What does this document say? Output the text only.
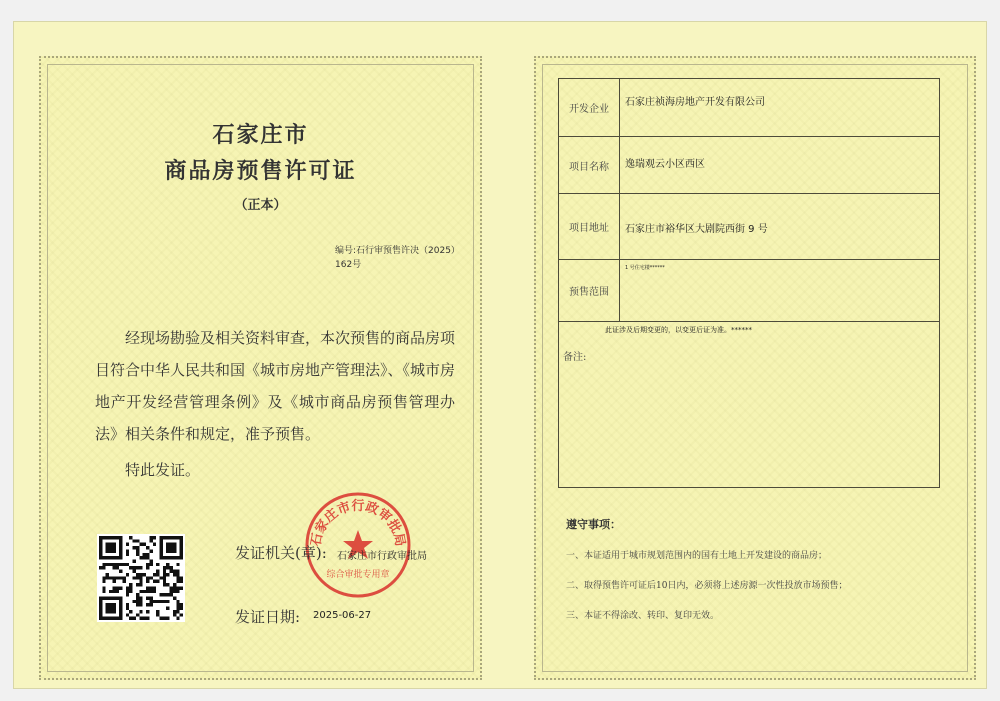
石家庄市
商品房预售许可证
（正本）
编号:石行审预售许决（2025）162号

经现场勘验及相关资料审查，本次预售的商品房项目符合中华人民共和国《城市房地产管理法》、《城市房地产开发经营管理条例》及《城市商品房预售管理办法》相关条件和规定，准予预售。

特此发证。

石家庄市行政审批局
综合审批专用章
发证机关(章): 石家庄市行政审批局
发证日期: 2025-06-27
开发企业
石家庄祯海房地产开发有限公司
项目名称	逸瑞观云小区西区
项目地址	石家庄市裕华区大剧院西街 9 号
预售范围
1 号住宅楼******
备注:
此证涉及后期变更的，以变更后证为准。******
遵守事项：
一、本证适用于城市规划范围内的国有土地上开发建设的商品房；
二、取得预售许可证后10日内，必须将上述房源一次性投放市场预售；
三、本证不得涂改、转印、复印无效。
